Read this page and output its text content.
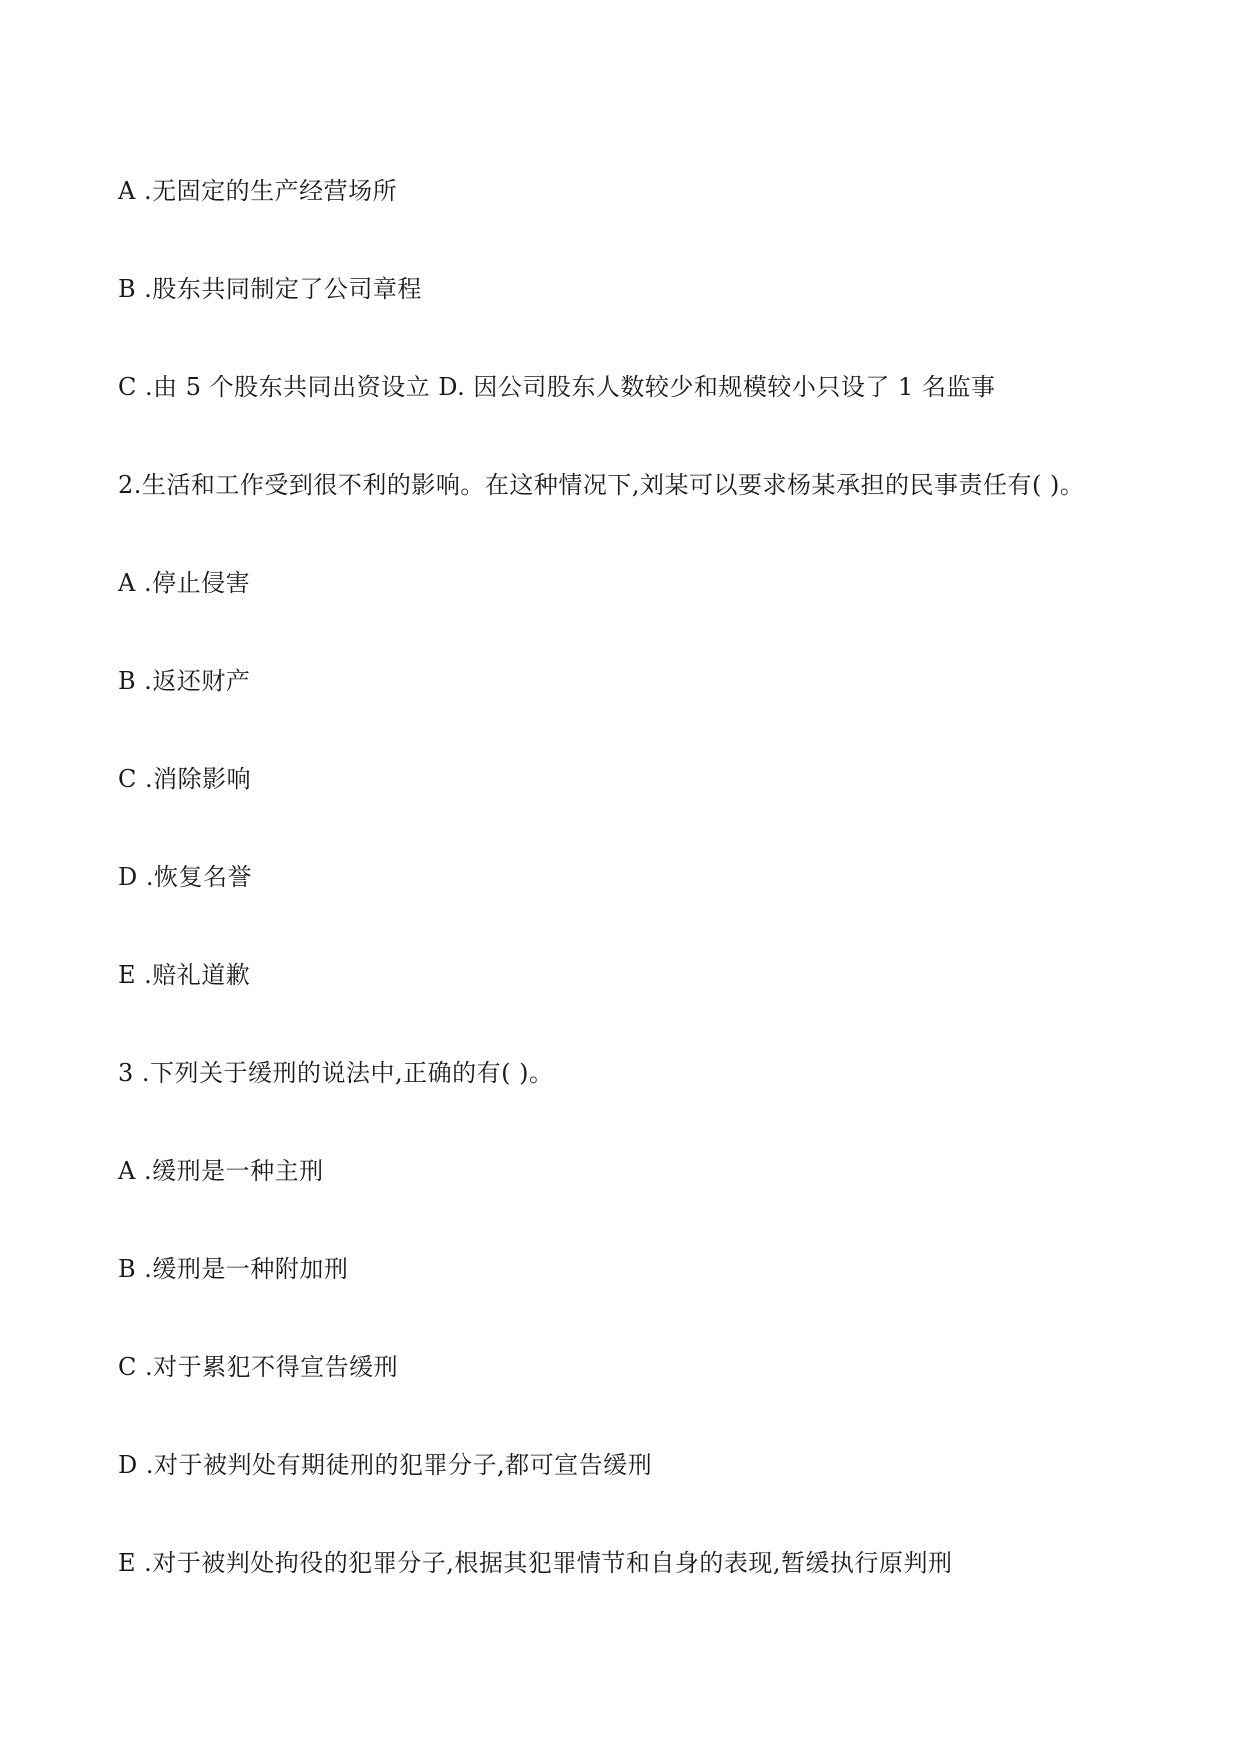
A .无固定的生产经营场所
B .股东共同制定了公司章程
C .由 5 个股东共同出资设立 D. 因公司股东人数较少和规模较小只设了 1 名监事
2.生活和工作受到很不利的影响。在这种情况下,刘某可以要求杨某承担的民事责任有( )。
A .停止侵害
B .返还财产
C .消除影响
D .恢复名誉
E .赔礼道歉
3 .下列关于缓刑的说法中,正确的有( )。
A .缓刑是一种主刑
B .缓刑是一种附加刑
C .对于累犯不得宣告缓刑
D .对于被判处有期徒刑的犯罪分子,都可宣告缓刑
E .对于被判处拘役的犯罪分子,根据其犯罪情节和自身的表现,暂缓执行原判刑
